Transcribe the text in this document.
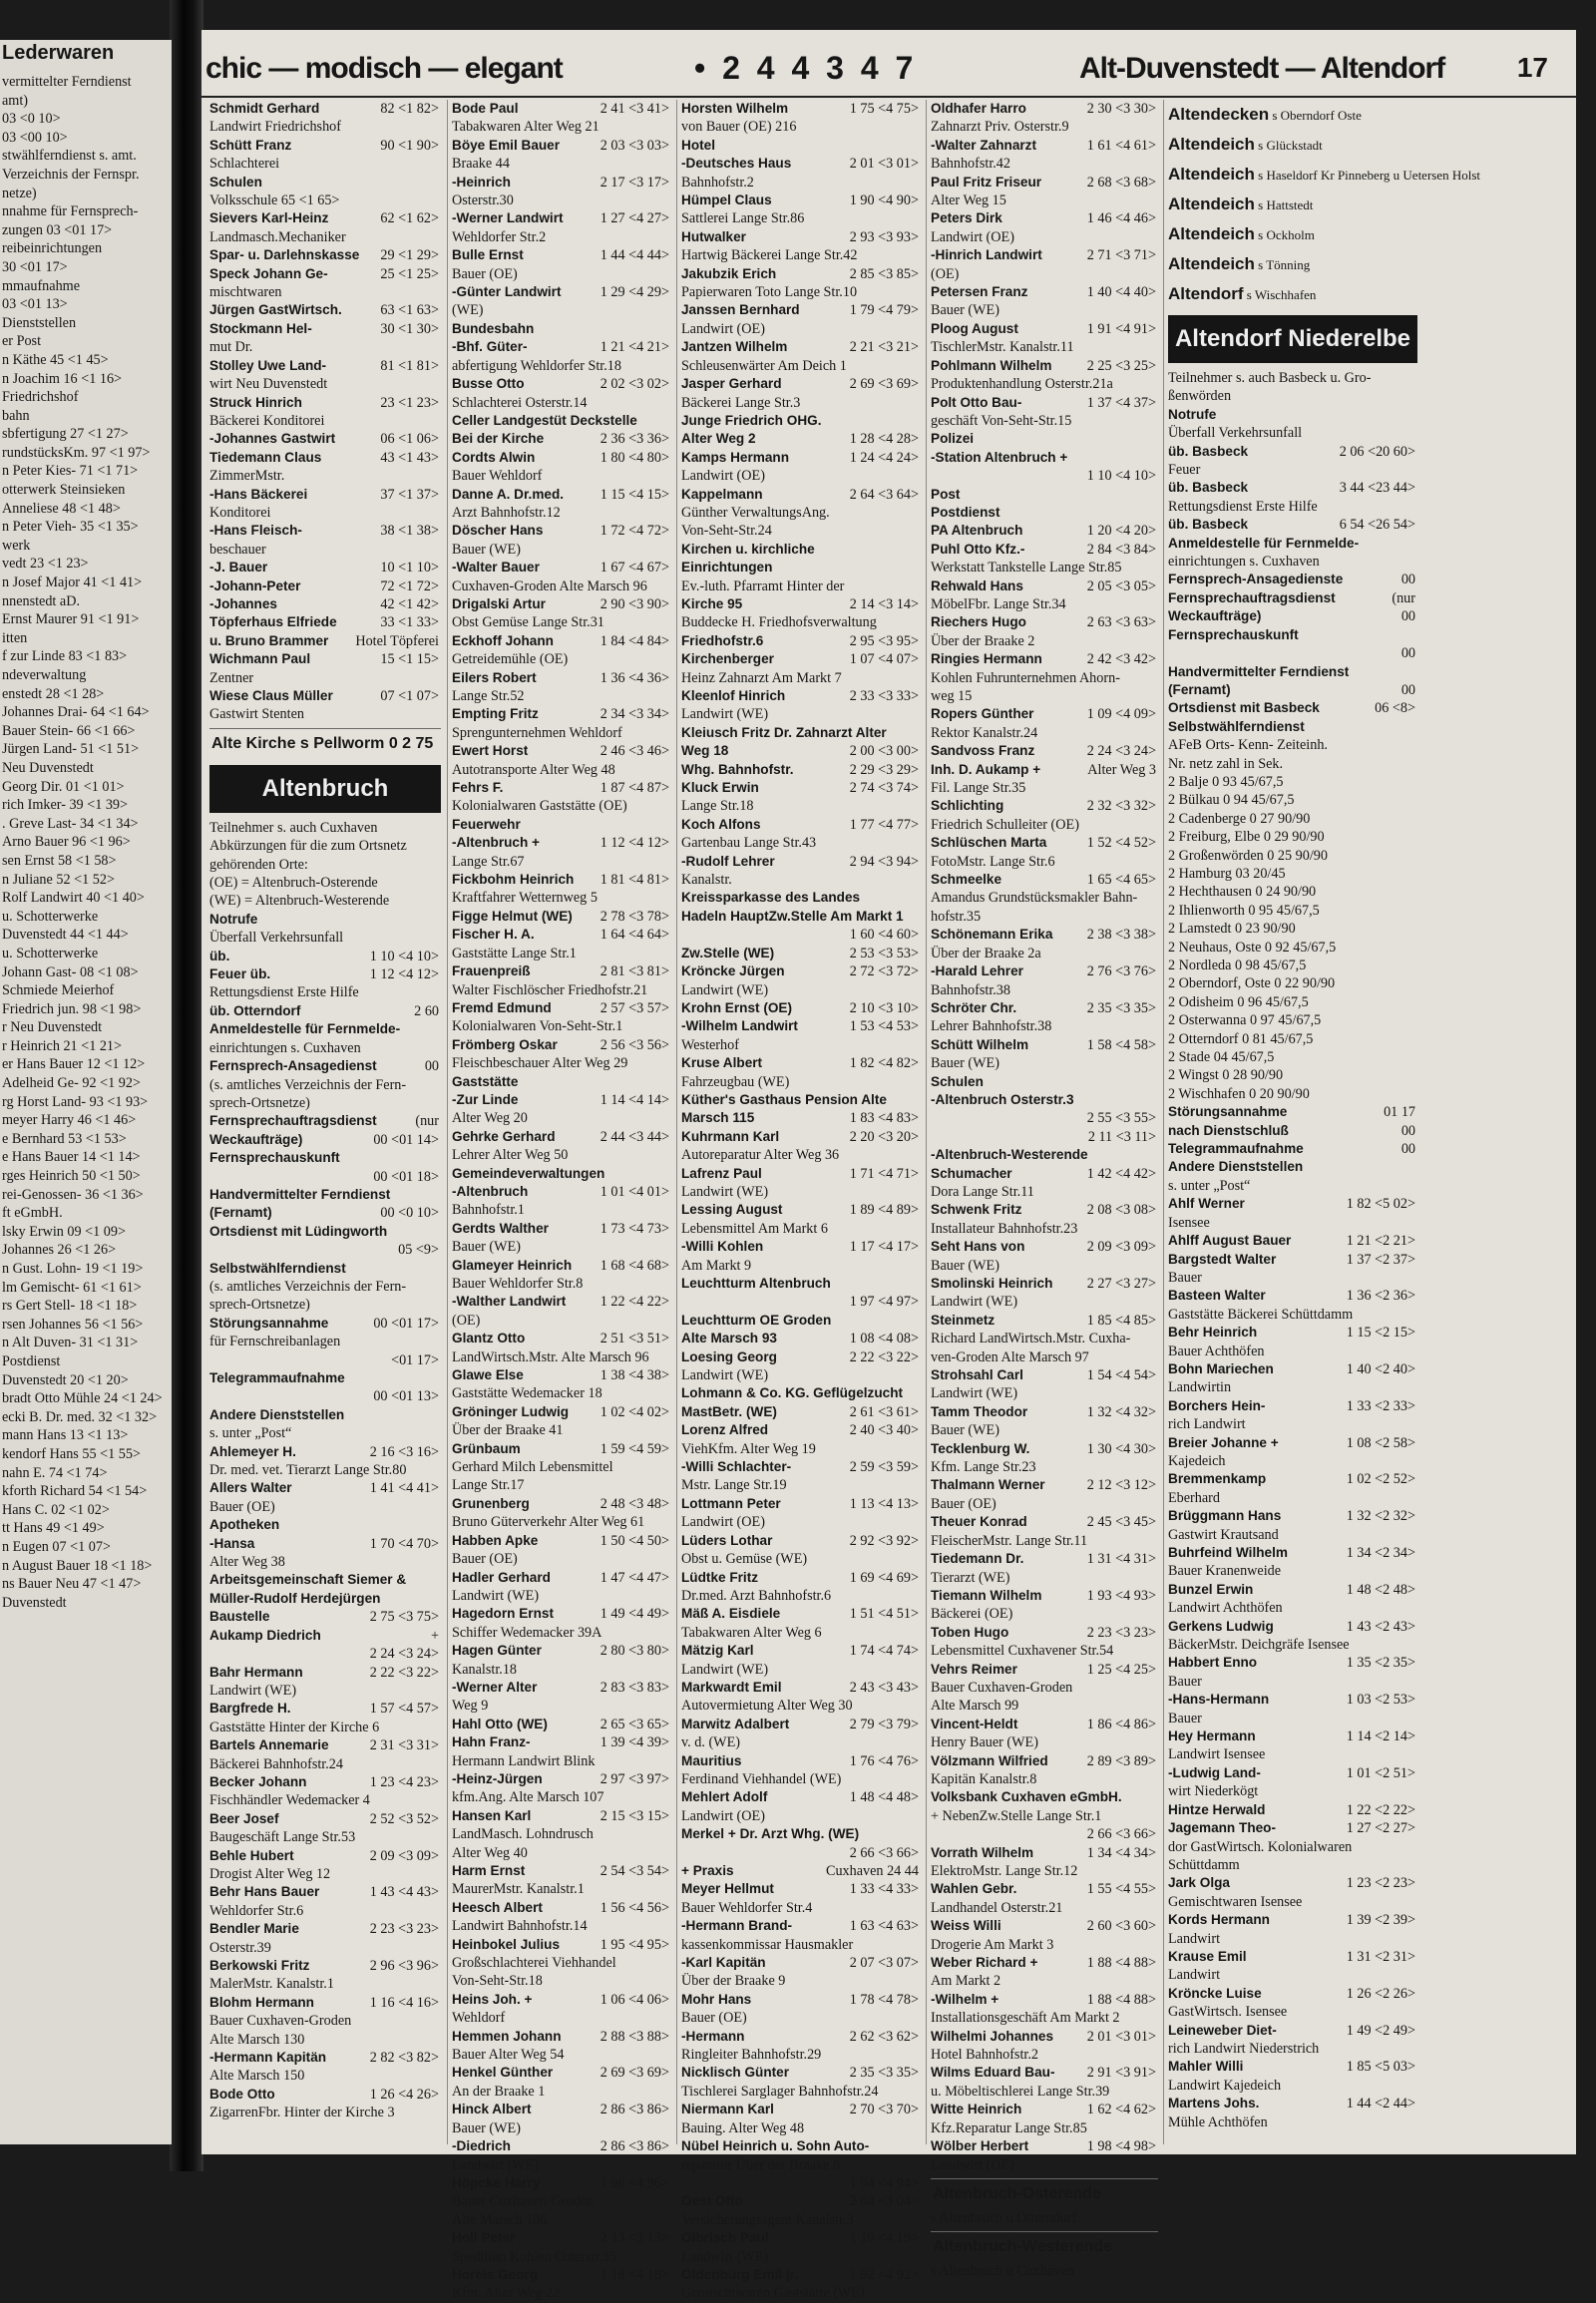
Lederwaren
vermittelter Ferndienst
amt)
03 <0 10>
03 <00 10>
stwählferndienst s. amt.
Verzeichnis der Fernspr.
netze)
nnahme für Fernsprech-
zungen 03 <01 17>
reibeinrichtungen
30 <01 17>
mmaufnahme
03 <01 13>
Dienststellen
er Post
n Käthe 45 <1 45>
n Joachim 16 <1 16>
Friedrichshof
bahn
sbfertigung 27 <1 27>
rundstücksKm. 97 <1 97>
n Peter Kies- 71 <1 71>
otterwerk Steinsieken
Anneliese 48 <1 48>
n Peter Vieh- 35 <1 35>
werk
vedt 23 <1 23>
n Josef Major 41 <1 41>
nnenstedt aD.
Ernst Maurer 91 <1 91>
itten
f zur Linde 83 <1 83>
ndeverwaltung
enstedt 28 <1 28>
Johannes Drai- 64 <1 64>
Bauer Stein- 66 <1 66>
Jürgen Land- 51 <1 51>
Neu Duvenstedt
Georg Dir. 01 <1 01>
rich Imker- 39 <1 39>
. Greve Last- 34 <1 34>
Arno Bauer 96 <1 96>
sen Ernst 58 <1 58>
n Juliane 52 <1 52>
Rolf Landwirt 40 <1 40>
u. Schotterwerke
Duvenstedt 44 <1 44>
u. Schotterwerke
Johann Gast- 08 <1 08>
Schmiede Meierhof
Friedrich jun. 98 <1 98>
r Neu Duvenstedt
r Heinrich 21 <1 21>
er Hans Bauer 12 <1 12>
Adelheid Ge- 92 <1 92>
rg Horst Land- 93 <1 93>
meyer Harry 46 <1 46>
e Bernhard 53 <1 53>
e Hans Bauer 14 <1 14>
rges Heinrich 50 <1 50>
rei-Genossen- 36 <1 36>
ft eGmbH.
lsky Erwin 09 <1 09>
Johannes 26 <1 26>
n Gust. Lohn- 19 <1 19>
lm Gemischt- 61 <1 61>
rs Gert Stell- 18 <1 18>
rsen Johannes 56 <1 56>
n Alt Duven- 31 <1 31>
Postdienst
Duvenstedt 20 <1 20>
bradt Otto Mühle 24 <1 24>
ecki B. Dr. med. 32 <1 32>
mann Hans 13 <1 13>
kendorf Hans 55 <1 55>
nahn E. 74 <1 74>
kforth Richard 54 <1 54>
Hans C. 02 <1 02>
tt Hans 49 <1 49>
n Eugen 07 <1 07>
n August Bauer 18 <1 18>
ns Bauer Neu 47 <1 47>
Duvenstedt
chic — modisch — elegant	• 2 4 4 3 4 7	Alt-Duvenstedt — Altendorf	17
Schmidt Gerhard	82 <1 82>
Landwirt Friedrichshof
Schütt Franz	90 <1 90>
Schlachterei
Schulen
Volksschule 65 <1 65>
Sievers Karl-Heinz	62 <1 62>
Landmasch.Mechaniker
Spar- u. Darlehnskasse 29 <1 29>
Speck Johann Ge-	25 <1 25>
mischtwaren
Jürgen GastWirtsch.	63 <1 63>
Stockmann Hel-	30 <1 30>
mut Dr.
Stolley Uwe Land-	81 <1 81>
wirt Neu Duvenstedt
Struck Hinrich	23 <1 23>
Bäckerei Konditorei
-Johannes Gastwirt	06 <1 06>
Tiedemann Claus	43 <1 43>
ZimmerMstr.
-Hans Bäckerei	37 <1 37>
Konditorei
-Hans Fleisch-	38 <1 38>
beschauer
-J. Bauer	10 <1 10>
-Johann-Peter	72 <1 72>
-Johannes	42 <1 42>
Töpferhaus Elfriede	33 <1 33>
u. Bruno Brammer Hotel Töpferei
Wichmann Paul	15 <1 15>
Zentner
Wiese Claus Müller	07 <1 07>
Gastwirt Stenten
Alte Kirche s Pellworm 0 2 75
Altenbruch
Teilnehmer s. auch Cuxhaven
Abkürzungen für die zum Ortsnetz
gehörenden Orte:
(OE) = Altenbruch-Osterende
(WE) = Altenbruch-Westerende
Notrufe
Überfall Verkehrsunfall
üb.	1 10 <4 10>
Feuer üb.	1 12 <4 12>
Rettungsdienst Erste Hilfe
üb. Otterndorf	2 60
Anmeldestelle für Fernmelde-
einrichtungen s. Cuxhaven
Fernsprech-Ansagedienst	00
(s. amtliches Verzeichnis der Fern-
sprech-Ortsnetze)
Fernsprechauftragsdienst	(nur
Weckaufträge)	00 <01 14>
Fernsprechauskunft
00 <01 18>
Handvermittelter Ferndienst
(Fernamt)	00 <0 10>
Ortsdienst mit Lüdingworth
05 <9>
Selbstwählferndienst
(s. amtliches Verzeichnis der Fern-
sprech-Ortsnetze)
Störungsannahme	00 <01 17>
für Fernschreibanlagen
<01 17>
Telegrammaufnahme
00 <01 13>
Andere Dienststellen
s. unter „Post“
Ahlemeyer H.	2 16 <3 16>
Dr. med. vet. Tierarzt Lange Str.80
Allers Walter	1 41 <4 41>
Bauer (OE)
Apotheken
-Hansa	1 70 <4 70>
Alter Weg 38
Arbeitsgemeinschaft Siemer &
Müller-Rudolf Herdejürgen
Baustelle	2 75 <3 75>
Aukamp Diedrich	+
2 24 <3 24>
Bahr Hermann	2 22 <3 22>
Landwirt (WE)
Bargfrede H.	1 57 <4 57>
Gaststätte Hinter der Kirche 6
Bartels Annemarie	2 31 <3 31>
Bäckerei Bahnhofstr.24
Becker Johann	1 23 <4 23>
Fischhändler Wedemacker 4
Beer Josef	2 52 <3 52>
Baugeschäft Lange Str.53
Behle Hubert	2 09 <3 09>
Drogist Alter Weg 12
Behr Hans Bauer	1 43 <4 43>
Wehldorfer Str.6
Bendler Marie	2 23 <3 23>
Osterstr.39
Berkowski Fritz	2 96 <3 96>
MalerMstr. Kanalstr.1
Blohm Hermann	1 16 <4 16>
Bauer Cuxhaven-Groden
Alte Marsch 130
-Hermann Kapitän	2 82 <3 82>
Alte Marsch 150
Bode Otto	1 26 <4 26>
ZigarrenFbr. Hinter der Kirche 3
Bode Paul	2 41 <3 41>
Tabakwaren Alter Weg 21
Böye Emil Bauer	2 03 <3 03>
Braake 44
-Heinrich	2 17 <3 17>
Osterstr.30
-Werner Landwirt	1 27 <4 27>
Wehldorfer Str.2
Bulle Ernst	1 44 <4 44>
Bauer (OE)
-Günter Landwirt	1 29 <4 29>
(WE)
Bundesbahn
-Bhf. Güter-	1 21 <4 21>
abfertigung Wehldorfer Str.18
Busse Otto	2 02 <3 02>
Schlachterei Osterstr.14
Celler Landgestüt Deckstelle
Bei der Kirche	2 36 <3 36>
Cordts Alwin	1 80 <4 80>
Bauer Wehldorf
Danne A. Dr.med.	1 15 <4 15>
Arzt Bahnhofstr.12
Döscher Hans	1 72 <4 72>
Bauer (WE)
-Walter Bauer	1 67 <4 67>
Cuxhaven-Groden Alte Marsch 96
Drigalski Artur	2 90 <3 90>
Obst Gemüse Lange Str.31
Eckhoff Johann	1 84 <4 84>
Getreidemühle (OE)
Eilers Robert	1 36 <4 36>
Lange Str.52
Empting Fritz	2 34 <3 34>
Sprengunternehmen Wehldorf
Ewert Horst	2 46 <3 46>
Autotransporte Alter Weg 48
Fehrs F.	1 87 <4 87>
Kolonialwaren Gaststätte (OE)
Feuerwehr
-Altenbruch +	1 12 <4 12>
Lange Str.67
Fickbohm Heinrich 1 81 <4 81>
Kraftfahrer Wetternweg 5
Figge Helmut (WE) 2 78 <3 78>
Fischer H. A.	1 64 <4 64>
Gaststätte Lange Str.1
Frauenpreiß	2 81 <3 81>
Walter Fischlöscher Friedhofstr.21
Fremd Edmund	2 57 <3 57>
Kolonialwaren Von-Seht-Str.1
Frömberg Oskar	2 56 <3 56>
Fleischbeschauer Alter Weg 29
Gaststätte
-Zur Linde	1 14 <4 14>
Alter Weg 20
Gehrke Gerhard	2 44 <3 44>
Lehrer Alter Weg 50
Gemeindeverwaltungen
-Altenbruch	1 01 <4 01>
Bahnhofstr.1
Gerdts Walther	1 73 <4 73>
Bauer (WE)
Glameyer Heinrich 1 68 <4 68>
Bauer Wehldorfer Str.8
-Walther Landwirt 1 22 <4 22>
(OE)
Glantz Otto	2 51 <3 51>
LandWirtsch.Mstr. Alte Marsch 96
Glawe Else	1 38 <4 38>
Gaststätte Wedemacker 18
Gröninger Ludwig 1 02 <4 02>
Über der Braake 41
Grünbaum	1 59 <4 59>
Gerhard Milch Lebensmittel
Lange Str.17
Grunenberg	2 48 <3 48>
Bruno Güterverkehr Alter Weg 61
Habben Apke	1 50 <4 50>
Bauer (OE)
Hadler Gerhard	1 47 <4 47>
Landwirt (WE)
Hagedorn Ernst	1 49 <4 49>
Schiffer Wedemacker 39A
Hagen Günter	2 80 <3 80>
Kanalstr.18
-Werner Alter	2 83 <3 83>
Weg 9
Hahl Otto (WE)	2 65 <3 65>
Hahn Franz-	1 39 <4 39>
Hermann Landwirt Blink
-Heinz-Jürgen	2 97 <3 97>
kfm.Ang. Alte Marsch 107
Hansen Karl	2 15 <3 15>
LandMasch. Lohndrusch
Alter Weg 40
Harm Ernst	2 54 <3 54>
MaurerMstr. Kanalstr.1
Heesch Albert	1 56 <4 56>
Landwirt Bahnhofstr.14
Heinbokel Julius	1 95 <4 95>
Großschlachterei Viehhandel
Von-Seht-Str.18
Heins Joh. +	1 06 <4 06>
Wehldorf
Hemmen Johann	2 88 <3 88>
Bauer Alter Weg 54
Henkel Günther	2 69 <3 69>
An der Braake 1
Hinck Albert	2 86 <3 86>
Bauer (WE)
-Diedrich	2 86 <3 86>
Landwirt (WE)
Höpcke Harry	1 96 <4 96>
Bauer Cuxhaven-Groden
Alte Marsch 106
Holl Peter	2 13 <3 13>
Spedition Kohlen Osterstr.35
Horeis Georg	1 18 <4 18>
Kfm. Alter Weg 22
Horsten Wilhelm	1 75 <4 75>
von Bauer (OE) 216
Hotel
-Deutsches Haus	2 01 <3 01>
Bahnhofstr.2
Hümpel Claus	1 90 <4 90>
Sattlerei Lange Str.86
Hutwalker	2 93 <3 93>
Hartwig Bäckerei Lange Str.42
Jakubzik Erich	2 85 <3 85>
Papierwaren Toto Lange Str.10
Janssen Bernhard	1 79 <4 79>
Landwirt (OE)
Jantzen Wilhelm	2 21 <3 21>
Schleusenwärter Am Deich 1
Jasper Gerhard	2 69 <3 69>
Bäckerei Lange Str.3
Junge Friedrich OHG.
Alter Weg 2	1 28 <4 28>
Kamps Hermann	1 24 <4 24>
Landwirt (OE)
Kappelmann	2 64 <3 64>
Günther VerwaltungsAng.
Von-Seht-Str.24
Kirchen u. kirchliche
Einrichtungen
Ev.-luth. Pfarramt Hinter der
Kirche 95	2 14 <3 14>
Buddecke H. Friedhofsverwaltung
Friedhofstr.6	2 95 <3 95>
Kirchenberger	1 07 <4 07>
Heinz Zahnarzt Am Markt 7
Kleenlof Hinrich	2 33 <3 33>
Landwirt (WE)
Kleiusch Fritz Dr. Zahnarzt Alter
Weg 18	2 00 <3 00>
Whg. Bahnhofstr.	2 29 <3 29>
Kluck Erwin	2 74 <3 74>
Lange Str.18
Koch Alfons	1 77 <4 77>
Gartenbau Lange Str.43
-Rudolf Lehrer	2 94 <3 94>
Kanalstr.
Kreissparkasse des Landes
Hadeln HauptZw.Stelle Am Markt 1
1 60 <4 60>
Zw.Stelle (WE)	2 53 <3 53>
Kröncke Jürgen	2 72 <3 72>
Landwirt (WE)
Krohn Ernst (OE)	2 10 <3 10>
-Wilhelm Landwirt	1 53 <4 53>
Westerhof
Kruse Albert	1 82 <4 82>
Fahrzeugbau (WE)
Küther's Gasthaus Pension Alte
Marsch 115	1 83 <4 83>
Kuhrmann Karl	2 20 <3 20>
Autoreparatur Alter Weg 36
Lafrenz Paul	1 71 <4 71>
Landwirt (WE)
Lessing August	1 89 <4 89>
Lebensmittel Am Markt 6
-Willi Kohlen	1 17 <4 17>
Am Markt 9
Leuchtturm Altenbruch
1 97 <4 97>
Leuchtturm OE Groden
Alte Marsch 93	1 08 <4 08>
Loesing Georg	2 22 <3 22>
Landwirt (WE)
Lohmann & Co. KG. Geflügelzucht
MastBetr. (WE)	2 61 <3 61>
Lorenz Alfred	2 40 <3 40>
ViehKfm. Alter Weg 19
-Willi Schlachter-	2 59 <3 59>
Mstr. Lange Str.19
Lottmann Peter	1 13 <4 13>
Landwirt (OE)
Lüders Lothar	2 92 <3 92>
Obst u. Gemüse (WE)
Lüdtke Fritz	1 69 <4 69>
Dr.med. Arzt Bahnhofstr.6
Mäß A. Eisdiele	1 51 <4 51>
Tabakwaren Alter Weg 6
Mätzig Karl	1 74 <4 74>
Landwirt (WE)
Markwardt Emil	2 43 <3 43>
Autovermietung Alter Weg 30
Marwitz Adalbert	2 79 <3 79>
v. d. (WE)
Mauritius	1 76 <4 76>
Ferdinand Viehhandel (WE)
Mehlert Adolf	1 48 <4 48>
Landwirt (OE)
Merkel + Dr. Arzt Whg. (WE)
2 66 <3 66>
+ Praxis	Cuxhaven 24 44
Meyer Hellmut	1 33 <4 33>
Bauer Wehldorfer Str.4
-Hermann Brand-	1 63 <4 63>
kassenkommissar Hausmakler
-Karl Kapitän	2 07 <3 07>
Über der Braake 9
Mohr Hans	1 78 <4 78>
Bauer (OE)
-Hermann	2 62 <3 62>
Ringleiter Bahnhofstr.29
Nicklisch Günter	2 35 <3 35>
Tischlerei Sarglager Bahnhofstr.24
Niermann Karl	2 70 <3 70>
Bauing. Alter Weg 48
Nübel Heinrich u. Sohn Auto-
reparatur Über der Braake 6
1 94 <4 94>
Oest Otto	2 04 <3 04>
Versicherungsagent Kanalstr.3
Olbrisch Paul	1 19 <4 19>
Landwirt (WE)
Oldenburg Emil jr.	1 92 <4 92>
Gemischtwaren Gaststätte (WE)
Oldhafer Harro	2 30 <3 30>
Zahnarzt Priv. Osterstr.9
-Walter Zahnarzt	1 61 <4 61>
Bahnhofstr.42
Paul Fritz Friseur	2 68 <3 68>
Alter Weg 15
Peters Dirk	1 46 <4 46>
Landwirt (OE)
-Hinrich Landwirt	2 71 <3 71>
(OE)
Petersen Franz	1 40 <4 40>
Bauer (WE)
Ploog August	1 91 <4 91>
TischlerMstr. Kanalstr.11
Pohlmann Wilhelm 2 25 <3 25>
Produktenhandlung Osterstr.21a
Polt Otto Bau-	1 37 <4 37>
geschäft Von-Seht-Str.15
Polizei
-Station Altenbruch +
1 10 <4 10>
Post
Postdienst
PA Altenbruch	1 20 <4 20>
Puhl Otto Kfz.-	2 84 <3 84>
Werkstatt Tankstelle Lange Str.85
Rehwald Hans	2 05 <3 05>
MöbelFbr. Lange Str.34
Riechers Hugo	2 63 <3 63>
Über der Braake 2
Ringies Hermann	2 42 <3 42>
Kohlen Fuhrunternehmen Ahorn-
weg 15
Ropers Günther	1 09 <4 09>
Rektor Kanalstr.24
Sandvoss Franz	2 24 <3 24>
Inh. D. Aukamp +	Alter Weg 3
Fil. Lange Str.35
Schlichting	2 32 <3 32>
Friedrich Schulleiter (OE)
Schlüschen Marta	1 52 <4 52>
FotoMstr. Lange Str.6
Schmeelke	1 65 <4 65>
Amandus Grundstücksmakler Bahn-
hofstr.35
Schönemann Erika 2 38 <3 38>
Über der Braake 2a
-Harald Lehrer	2 76 <3 76>
Bahnhofstr.38
Schröter Chr.	2 35 <3 35>
Lehrer Bahnhofstr.38
Schütt Wilhelm	1 58 <4 58>
Bauer (WE)
Schulen
-Altenbruch Osterstr.3
2 55 <3 55>
2 11 <3 11>
-Altenbruch-Westerende
Schumacher	1 42 <4 42>
Dora Lange Str.11
Schwenk Fritz	2 08 <3 08>
Installateur Bahnhofstr.23
Seht Hans von	2 09 <3 09>
Bauer (WE)
Smolinski Heinrich 2 27 <3 27>
Landwirt (WE)
Steinmetz	1 85 <4 85>
Richard LandWirtsch.Mstr. Cuxha-
ven-Groden Alte Marsch 97
Strohsahl Carl	1 54 <4 54>
Landwirt (WE)
Tamm Theodor	1 32 <4 32>
Bauer (WE)
Tecklenburg W.	1 30 <4 30>
Kfm. Lange Str.23
Thalmann Werner	2 12 <3 12>
Bauer (OE)
Theuer Konrad	2 45 <3 45>
FleischerMstr. Lange Str.11
Tiedemann Dr.	1 31 <4 31>
Tierarzt (WE)
Tiemann Wilhelm	1 93 <4 93>
Bäckerei (OE)
Toben Hugo	2 23 <3 23>
Lebensmittel Cuxhavener Str.54
Vehrs Reimer	1 25 <4 25>
Bauer Cuxhaven-Groden
Alte Marsch 99
Vincent-Heldt	1 86 <4 86>
Henry Bauer (WE)
Völzmann Wilfried	2 89 <3 89>
Kapitän Kanalstr.8
Volksbank Cuxhaven eGmbH.
+ NebenZw.Stelle Lange Str.1
2 66 <3 66>
Vorrath Wilhelm	1 34 <4 34>
ElektroMstr. Lange Str.12
Wahlen Gebr.	1 55 <4 55>
Landhandel Osterstr.21
Weiss Willi	2 60 <3 60>
Drogerie Am Markt 3
Weber Richard +	1 88 <4 88>
Am Markt 2
-Wilhelm +	1 88 <4 88>
Installationsgeschäft Am Markt 2
Wilhelmi Johannes 2 01 <3 01>
Hotel Bahnhofstr.2
Wilms Eduard Bau- 2 91 <3 91>
u. Möbeltischlerei Lange Str.39
Witte Heinrich	1 62 <4 62>
Kfz.Reparatur Lange Str.85
Wölber Herbert	1 98 <4 98>
Landwirt (OE)
Altenbruch-Osterende
s Altenbruch u Otterndorf
Altenbruch-Westerende
s Altenbruch u Cuxhaven
Altendecken s Oberndorf Oste
Altendeich s Glückstadt
Altendeich s Haseldorf Kr Pinneberg u Uetersen Holst
Altendeich s Hattstedt
Altendeich s Ockholm
Altendeich s Tönning
Altendorf s Wischhafen
Altendorf Niederelbe
Teilnehmer s. auch Basbeck u. Gro-
ßenwörden
Notrufe
Überfall Verkehrsunfall
üb. Basbeck	2 06 <20 60>
Feuer
üb. Basbeck	3 44 <23 44>
Rettungsdienst Erste Hilfe
üb. Basbeck	6 54 <26 54>
Anmeldestelle für Fernmelde-
einrichtungen s. Cuxhaven
Fernsprech-Ansagedienste	00
Fernsprechauftragsdienst	(nur
Weckaufträge)	00
Fernsprechauskunft
00
Handvermittelter Ferndienst
(Fernamt)	00
Ortsdienst mit Basbeck	06 <8>
Selbstwählferndienst
AFeB Orts- Kenn- Zeiteinh.
Nr. netz zahl in Sek.
2 Balje 0 93 45/67,5
2 Bülkau 0 94 45/67,5
2 Cadenberge 0 27 90/90
2 Freiburg, Elbe 0 29 90/90
2 Großenwörden 0 25 90/90
2 Hamburg 03 20/45
2 Hechthausen 0 24 90/90
2 Ihlienworth 0 95 45/67,5
2 Lamstedt 0 23 90/90
2 Neuhaus, Oste 0 92 45/67,5
2 Nordleda 0 98 45/67,5
2 Oberndorf, Oste 0 22 90/90
2 Odisheim 0 96 45/67,5
2 Osterwanna 0 97 45/67,5
2 Otterndorf 0 81 45/67,5
2 Stade 04 45/67,5
2 Wingst 0 28 90/90
2 Wischhafen 0 20 90/90
Störungsannahme	01 17
nach Dienstschluß	00
Telegrammaufnahme	00
Andere Dienststellen
s. unter „Post“
Ahlf Werner	1 82 <5 02>
Isensee
Ahlff August Bauer	1 21 <2 21>
Bargstedt Walter	1 37 <2 37>
Bauer
Basteen Walter	1 36 <2 36>
Gaststätte Bäckerei Schüttdamm
Behr Heinrich	1 15 <2 15>
Bauer Achthöfen
Bohn Mariechen	1 40 <2 40>
Landwirtin
Borchers Hein-	1 33 <2 33>
rich Landwirt
Breier Johanne +	1 08 <2 58>
Kajedeich
Bremmenkamp	1 02 <2 52>
Eberhard
Brüggmann Hans	1 32 <2 32>
Gastwirt Krautsand
Buhrfeind Wilhelm	1 34 <2 34>
Bauer Kranenweide
Bunzel Erwin	1 48 <2 48>
Landwirt Achthöfen
Gerkens Ludwig	1 43 <2 43>
BäckerMstr. Deichgräfe Isensee
Habbert Enno	1 35 <2 35>
Bauer
-Hans-Hermann	1 03 <2 53>
Bauer
Hey Hermann	1 14 <2 14>
Landwirt Isensee
-Ludwig Land-	1 01 <2 51>
wirt Niederkögt
Hintze Herwald	1 22 <2 22>
Jagemann Theo-	1 27 <2 27>
dor GastWirtsch. Kolonialwaren
Schüttdamm
Jark Olga	1 23 <2 23>
Gemischtwaren Isensee
Kords Hermann	1 39 <2 39>
Landwirt
Krause Emil	1 31 <2 31>
Landwirt
Kröncke Luise	1 26 <2 26>
GastWirtsch. Isensee
Leineweber Diet-	1 49 <2 49>
rich Landwirt Niederstrich
Mahler Willi	1 85 <5 03>
Landwirt Kajedeich
Martens Johs.	1 44 <2 44>
Mühle Achthöfen
